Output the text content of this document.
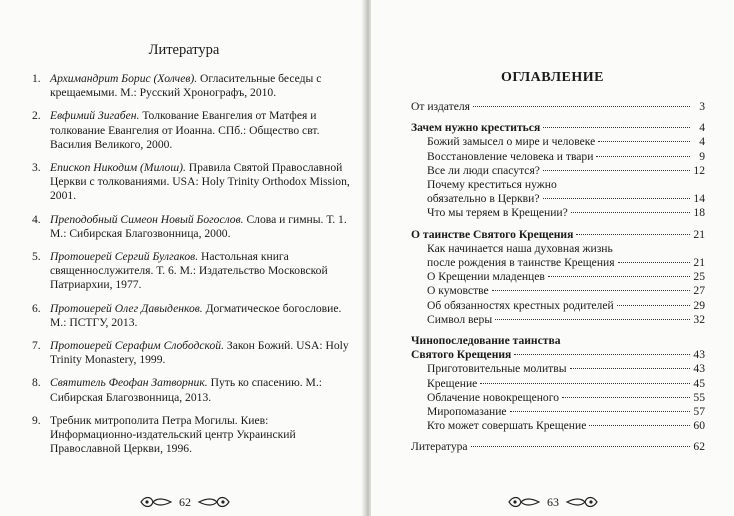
Литература
1. Архимандрит Борис (Холчев). Огласительные беседы с крещаемыми. М.: Русский Хронографъ, 2010.
2. Евфимий Зигабен. Толкование Евангелия от Матфея и толкование Евангелия от Иоанна. СПб.: Общество свт. Василия Великого, 2000.
3. Епископ Никодим (Милош). Правила Святой Православной Церкви с толкованиями. USA: Holy Trinity Orthodox Mission, 2001.
4. Преподобный Симеон Новый Богослов. Слова и гимны. Т. 1. М.: Сибирская Благозвонница, 2000.
5. Протоиерей Сергий Булгаков. Настольная книга священнослужителя. Т. 6. М.: Издательство Московской Патриархии, 1977.
6. Протоиерей Олег Давыденков. Догматическое богословие. М.: ПСТГУ, 2013.
7. Протоиерей Серафим Слободской. Закон Божий. USA: Holy Trinity Monastery, 1999.
8. Святитель Феофан Затворник. Путь ко спасению. М.: Сибирская Благозвонница, 2013.
9. Требник митрополита Петра Могилы. Киев: Информационно-издательский центр Украинский Православной Церкви, 1996.
62
ОГЛАВЛЕНИЕ
От издателя	3
Зачем нужно креститься	4
Божий замысел о мире и человеке	4
Восстановление человека и твари	9
Все ли люди спасутся?	12
Почему креститься нужно
обязательно в Церкви?	14
Что мы теряем в Крещении?	18
О таинстве Святого Крещения	21
Как начинается наша духовная жизнь
после рождения в таинстве Крещения	21
О Крещении младенцев	25
О кумовстве	27
Об обязанностях крестных родителей	29
Символ веры	32
Чинопоследование таинства
Святого Крещения	43
Приготовительные молитвы	43
Крещение	45
Облачение новокрещеного	55
Миропомазание	57
Кто может совершать Крещение	60
Литература	62
63
